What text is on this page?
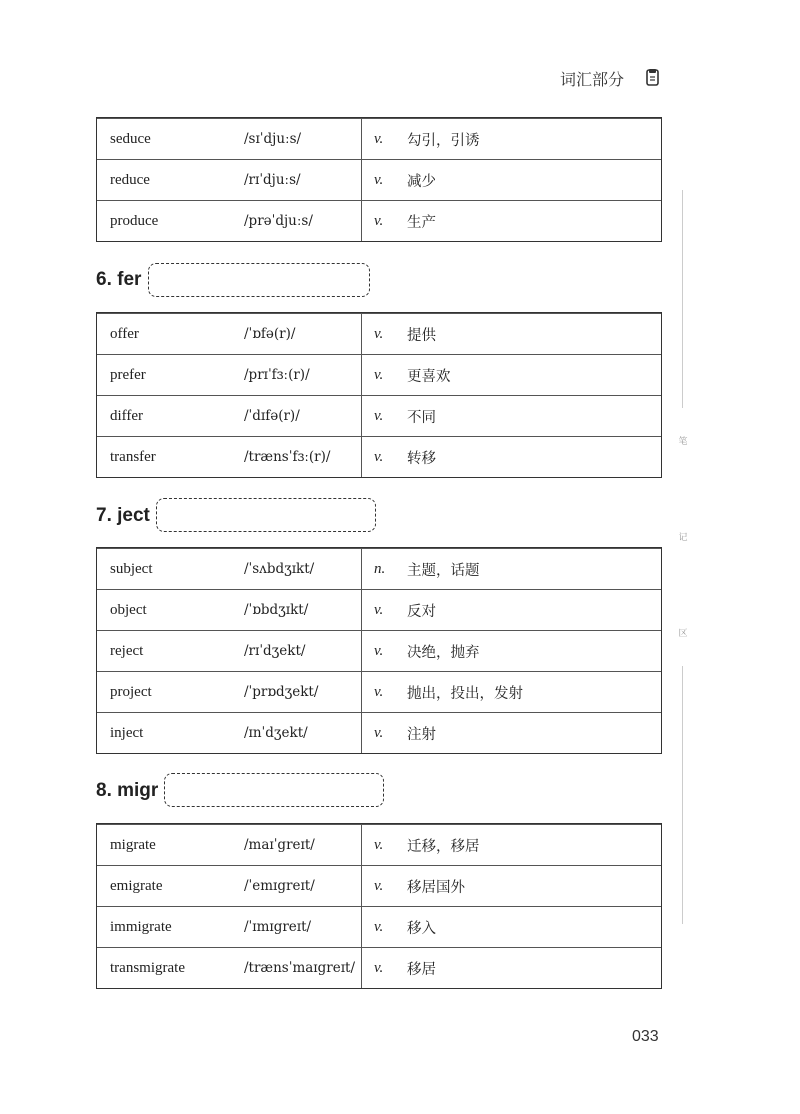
词汇部分
seduce	/sɪˈdjuːs/	v. 勾引，引诱
reduce	/rɪˈdjuːs/	v. 减少
produce	/prəˈdjuːs/	v. 生产
6. fer
offer	/ˈɒfə(r)/	v. 提供
prefer	/prɪˈfɜː(r)/	v. 更喜欢
differ	/ˈdɪfə(r)/	v. 不同
transfer	/trænsˈfɜː(r)/	v. 转移
7. ject
subject	/ˈsʌbdʒɪkt/	n. 主题，话题
object	/ˈɒbdʒɪkt/	v. 反对
reject	/rɪˈdʒekt/	v. 决绝，抛弃
project	/ˈprɒdʒekt/	v. 抛出，投出，发射
inject	/ɪnˈdʒekt/	v. 注射
8. migr
migrate	/maɪˈgreɪt/	v. 迁移，移居
emigrate	/ˈemɪgreɪt/	v. 移居国外
immigrate	/ˈɪmɪgreɪt/	v. 移入
transmigrate	/trænsˈmaɪgreɪt/ v. 移居
笔
记
区
033
